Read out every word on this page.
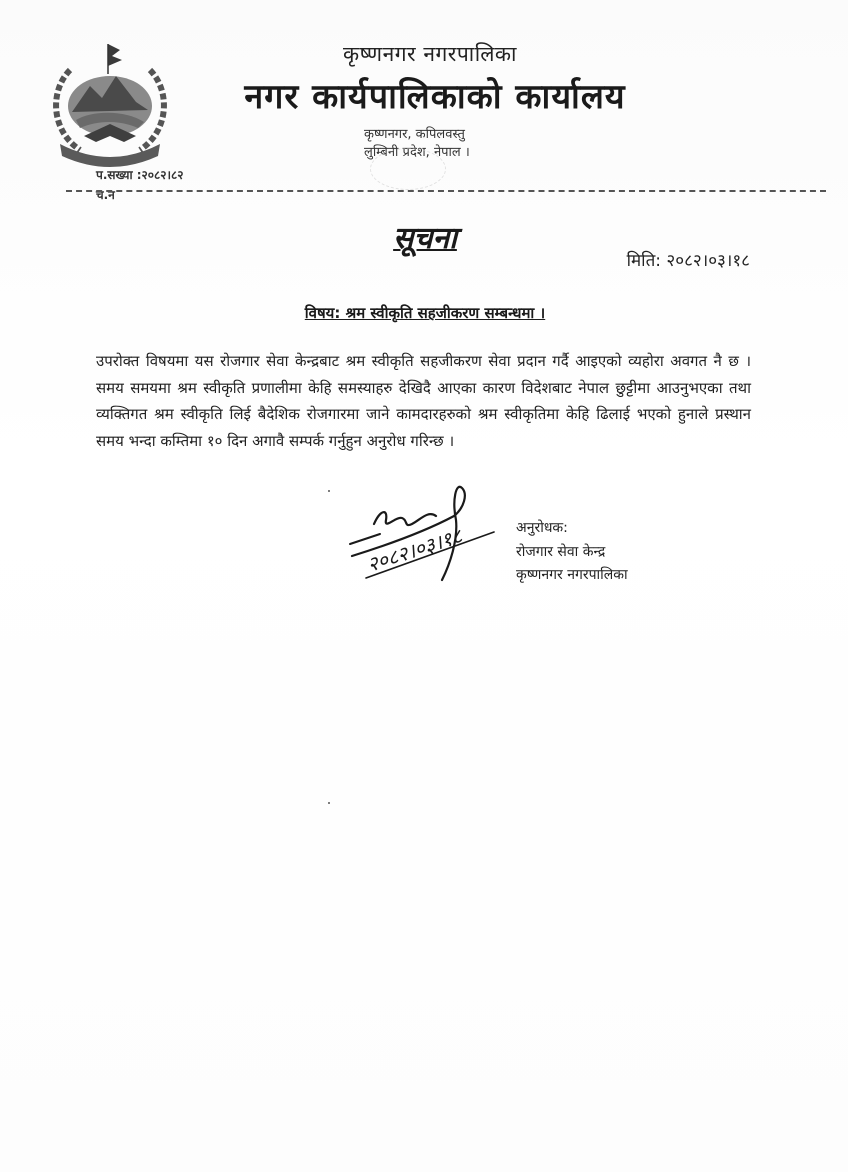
कृष्णनगर नगरपालिका
नगर कार्यपालिकाको कार्यालय
कृष्णनगर, कपिलवस्तु
लुम्बिनी प्रदेश, नेपाल ।
प.सख्या :२०८२।८२
च.न
सूचना
मिति: २०८२।०३।१८
विषय: श्रम स्वीकृति सहजीकरण सम्बन्धमा ।
उपरोक्त विषयमा यस रोजगार सेवा केन्द्रबाट श्रम स्वीकृति सहजीकरण सेवा प्रदान गर्दै आइएको व्यहोरा अवगत नै छ । समय समयमा श्रम स्वीकृति प्रणालीमा केहि समस्याहरु देखिदै आएका कारण विदेशबाट नेपाल छुट्टीमा आउनुभएका तथा व्यक्तिगत श्रम स्वीकृति लिई बैदेशिक रोजगारमा जाने कामदारहरुको श्रम स्वीकृतिमा केहि ढिलाई भएको हुनाले प्रस्थान समय भन्दा कम्तिमा १० दिन अगावै सम्पर्क गर्नुहुन अनुरोध गरिन्छ ।
२०८२।०३।१८	अनुरोधक:
रोजगार सेवा केन्द्र
कृष्णनगर नगरपालिका
